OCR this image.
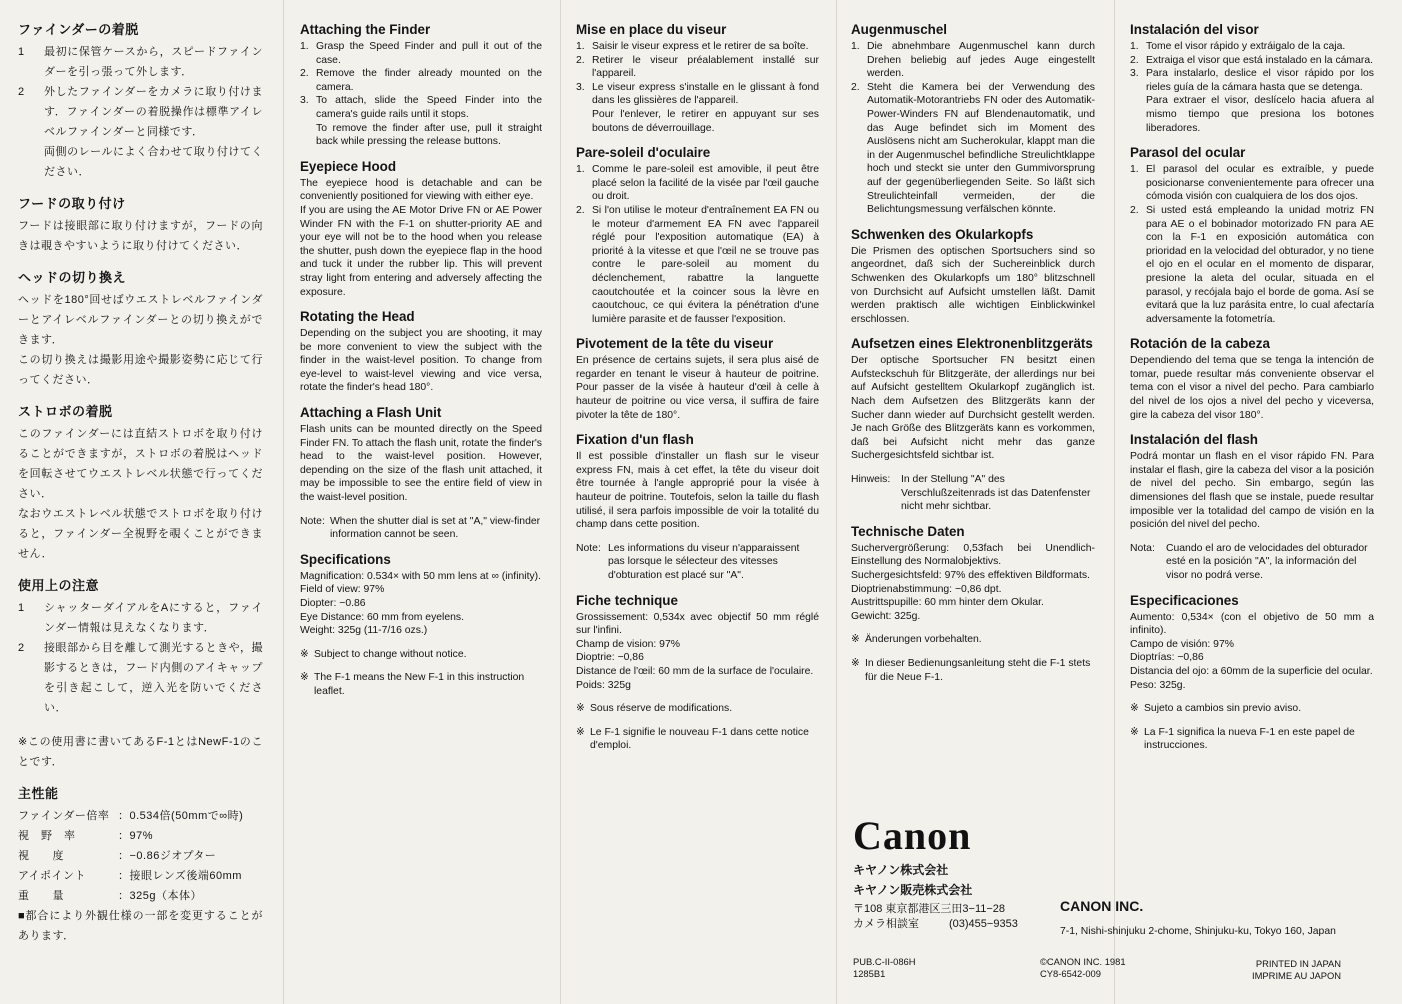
ファインダーの着脱
1 最初に保管ケースから，スピードファインダーを引っ張って外します．
2 外したファインダーをカメラに取り付けます．ファインダーの着脱操作は標準アイレベルファインダーと同様です．
両側のレールによく合わせて取り付けてください．
フードの取り付け

フードは接眼部に取り付けますが，フードの向きは覗きやすいように取り付けてください．

ヘッドの切り換え

ヘッドを180°回せばウエストレベルファインダーとアイレベルファインダーとの切り換えができます．

この切り換えは撮影用途や撮影姿勢に応じて行ってください．

ストロボの着脱

このファインダーには直結ストロボを取り付けることができますが，ストロボの着脱はヘッドを回転させてウエストレベル状態で行ってください．

なおウエストレベル状態でストロボを取り付けると，ファインダー全視野を覗くことができません．

使用上の注意
1 シャッターダイアルをAにすると，ファインダー情報は見えなくなります．
2 接眼部から目を離して測光するときや，撮影するときは，フード内側のアイキャップを引き起こして，逆入光を防いでください．

※この使用書に書いてあるF-1とはNewF-1のことです．

主性能
ファインダー倍率 ：0.534倍(50mmで∞時)
視　野　率	：97%
視　　度	：−0.86ジオプター
アイポイント	：接眼レンズ後端60mm
重　　量	：325g（本体）

■都合により外観仕様の一部を変更することがあります．

Attaching the Finder
1. Grasp the Speed Finder and pull it out of the case.
2. Remove the finder already mounted on the camera.
3. To attach, slide the Speed Finder into the camera's guide rails until it stops.
To remove the finder after use, pull it straight back while pressing the release buttons.
Eyepiece Hood

The eyepiece hood is detachable and can be conveniently positioned for viewing with either eye.

If you are using the AE Motor Drive FN or AE Power Winder FN with the F-1 on shutter-priority AE and your eye will not be to the hood when you release the shutter, push down the eyepiece flap in the hood and tuck it under the rubber lip. This will prevent stray light from entering and adversely affecting the exposure.

Rotating the Head

Depending on the subject you are shooting, it may be more convenient to view the subject with the finder in the waist-level position. To change from eye-level to waist-level viewing and vice versa, rotate the finder's head 180°.

Attaching a Flash Unit

Flash units can be mounted directly on the Speed Finder FN. To attach the flash unit, rotate the finder's head to the waist-level position. However, depending on the size of the flash unit attached, it may be impossible to see the entire field of view in the waist-level position.

Note: When the shutter dial is set at "A," view-finder information cannot be seen.
Specifications

Magnification: 0.534× with 50 mm lens at ∞ (infinity).

Field of view: 97%

Diopter: −0.86

Eye Distance: 60 mm from eyelens.

Weight: 325g (11-7/16 ozs.)

※ Subject to change without notice.
※ The F-1 means the New F-1 in this instruction leaflet.
Mise en place du viseur
1. Saisir le viseur express et le retirer de sa boîte.
2. Retirer le viseur préalablement installé sur l'appareil.
3. Le viseur express s'installe en le glissant à fond dans les glissières de l'appareil.
Pour l'enlever, le retirer en appuyant sur ses boutons de déverrouillage.
Pare-soleil d'oculaire
1. Comme le pare-soleil est amovible, il peut être placé selon la facilité de la visée par l'œil gauche ou droit.
2. Si l'on utilise le moteur d'entraînement EA FN ou le moteur d'armement EA FN avec l'appareil réglé pour l'exposition automatique (EA) à priorité à la vitesse et que l'œil ne se trouve pas contre le pare-soleil au moment du déclenchement, rabattre la languette caoutchoutée et la coincer sous la lèvre en caoutchouc, ce qui évitera la pénétration d'une lumière parasite et de fausser l'exposition.
Pivotement de la tête du viseur

En présence de certains sujets, il sera plus aisé de regarder en tenant le viseur à hauteur de poitrine. Pour passer de la visée à hauteur d'œil à celle à hauteur de poitrine ou vice versa, il suffira de faire pivoter la tête de 180°.

Fixation d'un flash

Il est possible d'installer un flash sur le viseur express FN, mais à cet effet, la tête du viseur doit être tournée à l'angle approprié pour la visée à hauteur de poitrine. Toutefois, selon la taille du flash utilisé, il sera parfois impossible de voir la totalité du champ dans cette position.

Note: Les informations du viseur n'apparaissent pas lorsque le sélecteur des vitesses d'obturation est placé sur "A".
Fiche technique

Grossissement: 0,534x avec objectif 50 mm réglé sur l'infini.

Champ de vision: 97%

Dioptrie: −0,86

Distance de l'œil: 60 mm de la surface de l'oculaire.

Poids: 325g

※ Sous réserve de modifications.
※ Le F-1 signifie le nouveau F-1 dans cette notice d'emploi.
Augenmuschel
1. Die abnehmbare Augenmuschel kann durch Drehen beliebig auf jedes Auge eingestellt werden.
2. Steht die Kamera bei der Verwendung des Automatik-Motorantriebs FN oder des Automatik-Power-Winders FN auf Blendenautomatik, und das Auge befindet sich im Moment des Auslösens nicht am Sucherokular, klappt man die in der Augenmuschel befindliche Streulichtklappe hoch und steckt sie unter den Gummivorsprung auf der gegenüberliegenden Seite. So läßt sich Streulichteinfall vermeiden, der die Belichtungsmessung verfälschen könnte.
Schwenken des Okularkopfs

Die Prismen des optischen Sportsuchers sind so angeordnet, daß sich der Suchereinblick durch Schwenken des Okularkopfs um 180° blitzschnell von Durchsicht auf Aufsicht umstellen läßt. Damit werden praktisch alle wichtigen Einblickwinkel erschlossen.

Aufsetzen eines Elektronenblitzgeräts

Der optische Sportsucher FN besitzt einen Aufsteckschuh für Blitzgeräte, der allerdings nur bei auf Aufsicht gestelltem Okularkopf zugänglich ist. Nach dem Aufsetzen des Blitzgeräts kann der Sucher dann wieder auf Durchsicht gestellt werden. Je nach Größe des Blitzgeräts kann es vorkommen, daß bei Aufsicht nicht mehr das ganze Suchergesichtsfeld sichtbar ist.

Hinweis: In der Stellung "A" des Verschlußzeitenrads ist das Datenfenster nicht mehr sichtbar.
Technische Daten

Suchervergrößerung: 0,53fach bei Unendlich-Einstellung des Normalobjektivs.

Suchergesichtsfeld: 97% des effektiven Bildformats.

Dioptrienabstimmung: −0,86 dpt.

Austrittspupille: 60 mm hinter dem Okular.

Gewicht: 325g.

※ Änderungen vorbehalten.
※ In dieser Bedienungsanleitung steht die F-1 stets für die Neue F-1.
Instalación del visor
1. Tome el visor rápido y extráigalo de la caja.
2. Extraiga el visor que está instalado en la cámara.
3. Para instalarlo, deslice el visor rápido por los rieles guía de la cámara hasta que se detenga.
Para extraer el visor, deslícelo hacia afuera al mismo tiempo que presiona los botones liberadores.
Parasol del ocular
1. El parasol del ocular es extraíble, y puede posicionarse convenientemente para ofrecer una cómoda visión con cualquiera de los dos ojos.
2. Si usted está empleando la unidad motriz FN para AE o el bobinador motorizado FN para AE con la F-1 en exposición automática con prioridad en la velocidad del obturador, y no tiene el ojo en el ocular en el momento de disparar, presione la aleta del ocular, situada en el parasol, y recójala bajo el borde de goma. Así se evitará que la luz parásita entre, lo cual afectaría adversamente la fotometría.
Rotación de la cabeza

Dependiendo del tema que se tenga la intención de tomar, puede resultar más conveniente observar el tema con el visor a nivel del pecho. Para cambiarlo del nivel de los ojos a nivel del pecho y viceversa, gire la cabeza del visor 180°.

Instalación del flash

Podrá montar un flash en el visor rápido FN. Para instalar el flash, gire la cabeza del visor a la posición de nivel del pecho. Sin embargo, según las dimensiones del flash que se instale, puede resultar imposible ver la totalidad del campo de visión en la posición del nivel del pecho.

Nota: Cuando el aro de velocidades del obturador esté en la posición "A", la información del visor no podrá verse.
Especificaciones

Aumento: 0,534× (con el objetivo de 50 mm a infinito).

Campo de visión: 97%

Dioptrías: −0,86

Distancia del ojo: a 60mm de la superficie del ocular.

Peso: 325g.

※ Sujeto a cambios sin previo aviso.
※ La F-1 significa la nueva F-1 en este papel de instrucciones.
Canon
キヤノン株式会社
キヤノン販売株式会社
〒108 東京都港区三田3−11−28
カメラ相談室	(03)455−9353
CANON INC.
7-1, Nishi-shinjuku 2-chome, Shinjuku-ku, Tokyo 160, Japan
PUB.C-II-086H
1285B1
©CANON INC. 1981
CY8-6542-009
PRINTED IN JAPAN
IMPRIME AU JAPON
